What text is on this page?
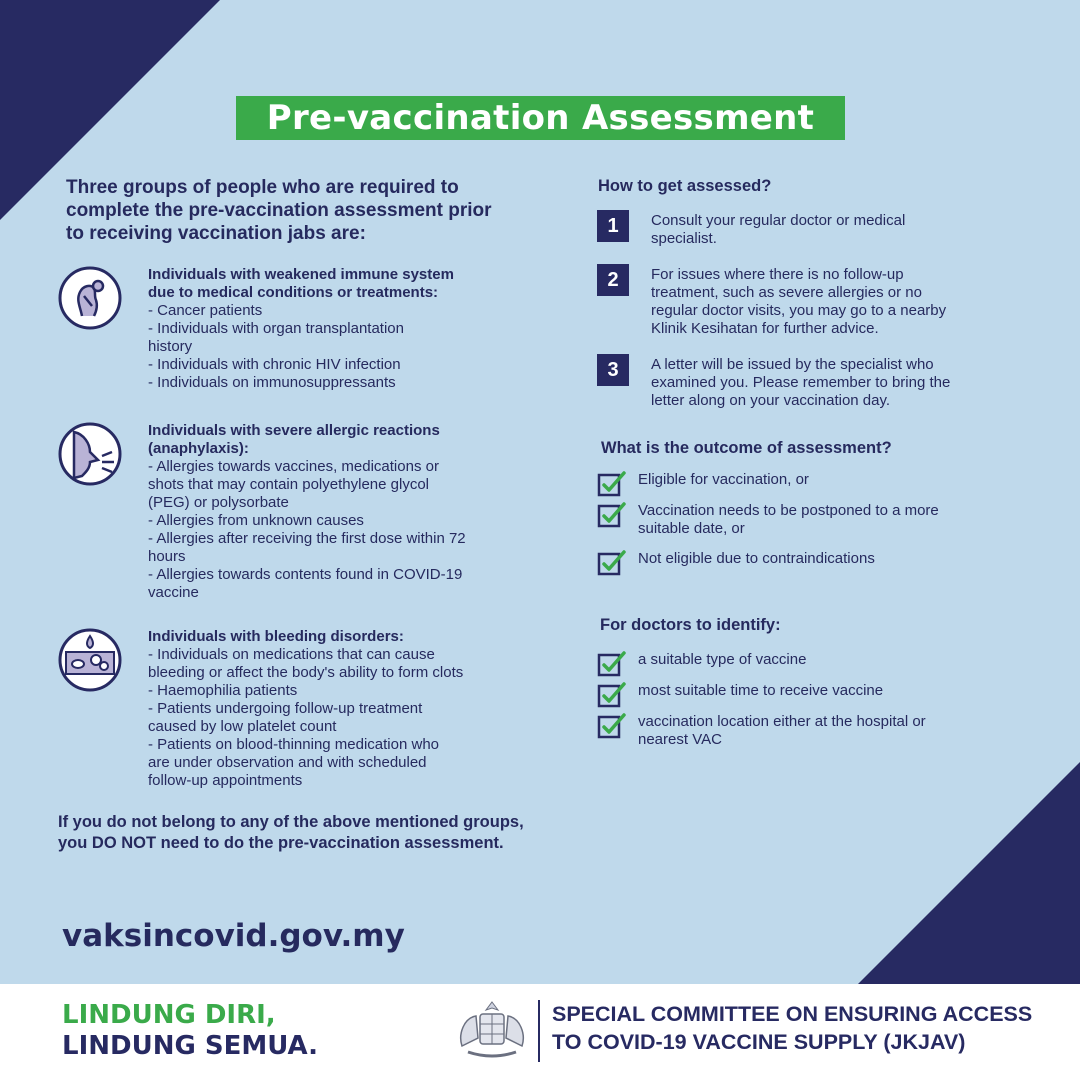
Pre-vaccination Assessment
Three groups of people who are required to
complete the pre-vaccination assessment prior
to receiving vaccination jabs are:
Individuals with weakened immune system
due to medical conditions or treatments:
- Cancer patients
- Individuals with organ transplantation
history
- Individuals with chronic HIV infection
- Individuals on immunosuppressants
Individuals with severe allergic reactions
(anaphylaxis):
- Allergies towards vaccines, medications or
shots that may contain polyethylene glycol
(PEG) or polysorbate
- Allergies from unknown causes
- Allergies after receiving the first dose within 72
hours
- Allergies towards contents found in COVID-19
vaccine
Individuals with bleeding disorders:
- Individuals on medications that can cause
bleeding or affect the body's ability to form clots
- Haemophilia patients
- Patients undergoing follow-up treatment
caused by low platelet count
- Patients on blood-thinning medication who
are under observation and with scheduled
follow-up appointments
If you do not belong to any of the above mentioned groups,
you DO NOT need to do the pre-vaccination assessment.
vaksincovid.gov.my
How to get assessed?
1	Consult your regular doctor or medical
specialist.
2	For issues where there is no follow-up
treatment, such as severe allergies or no
regular doctor visits, you may go to a nearby
Klinik Kesihatan for further advice.
3	A letter will be issued by the specialist who
examined you. Please remember to bring the
letter along on your vaccination day.
What is the outcome of assessment?
Eligible for vaccination, or
Vaccination needs to be postponed to a more
suitable date, or
Not eligible due to contraindications
For doctors to identify:
a suitable type of vaccine
most suitable time to receive vaccine
vaccination location either at the hospital or
nearest VAC
LINDUNG DIRI,
LINDUNG SEMUA.
SPECIAL COMMITTEE ON ENSURING ACCESS
TO COVID-19 VACCINE SUPPLY (JKJAV)
